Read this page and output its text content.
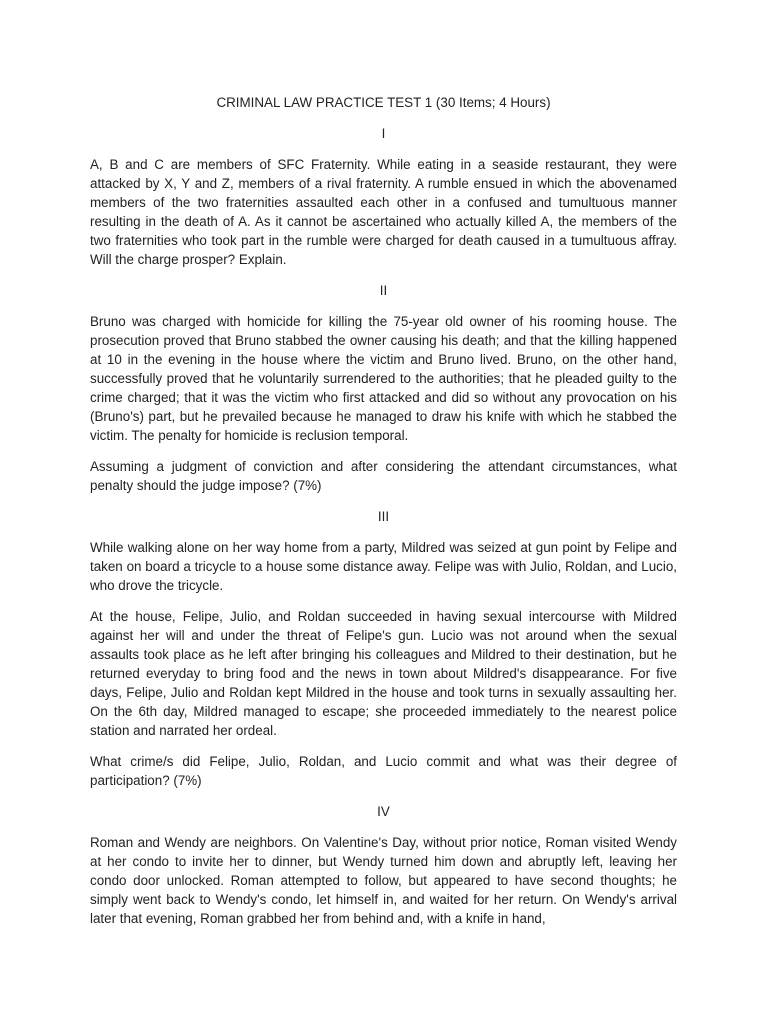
CRIMINAL LAW PRACTICE TEST 1 (30 Items; 4 Hours)
I

A, B and C are members of SFC Fraternity. While eating in a seaside restaurant, they were attacked by X, Y and Z, members of a rival fraternity. A rumble ensued in which the abovenamed members of the two fraternities assaulted each other in a confused and tumultuous manner resulting in the death of A. As it cannot be ascertained who actually killed A, the members of the two fraternities who took part in the rumble were charged for death caused in a tumultuous affray. Will the charge prosper? Explain.

II

Bruno was charged with homicide for killing the 75-year old owner of his rooming house. The prosecution proved that Bruno stabbed the owner causing his death; and that the killing happened at 10 in the evening in the house where the victim and Bruno lived. Bruno, on the other hand, successfully proved that he voluntarily surrendered to the authorities; that he pleaded guilty to the crime charged; that it was the victim who first attacked and did so without any provocation on his (Bruno's) part, but he prevailed because he managed to draw his knife with which he stabbed the victim. The penalty for homicide is reclusion temporal.

Assuming a judgment of conviction and after considering the attendant circumstances, what penalty should the judge impose? (7%)

III

While walking alone on her way home from a party, Mildred was seized at gun point by Felipe and taken on board a tricycle to a house some distance away. Felipe was with Julio, Roldan, and Lucio, who drove the tricycle.

At the house, Felipe, Julio, and Roldan succeeded in having sexual intercourse with Mildred against her will and under the threat of Felipe's gun. Lucio was not around when the sexual assaults took place as he left after bringing his colleagues and Mildred to their destination, but he returned everyday to bring food and the news in town about Mildred's disappearance. For five days, Felipe, Julio and Roldan kept Mildred in the house and took turns in sexually assaulting her. On the 6th day, Mildred managed to escape; she proceeded immediately to the nearest police station and narrated her ordeal.

What crime/s did Felipe, Julio, Roldan, and Lucio commit and what was their degree of participation? (7%)

IV

Roman and Wendy are neighbors. On Valentine's Day, without prior notice, Roman visited Wendy at her condo to invite her to dinner, but Wendy turned him down and abruptly left, leaving her condo door unlocked. Roman attempted to follow, but appeared to have second thoughts; he simply went back to Wendy's condo, let himself in, and waited for her return. On Wendy's arrival later that evening, Roman grabbed her from behind and, with a knife in hand,
